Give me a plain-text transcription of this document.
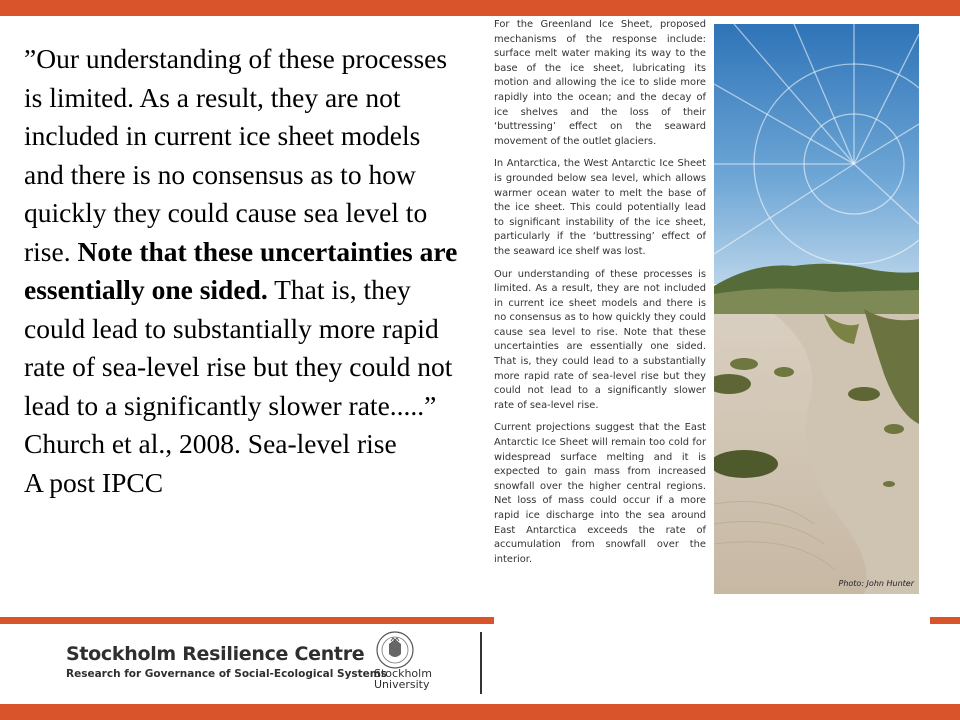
”Our understanding of these processes is limited. As a result, they are not included in current ice sheet models and there is no consensus as to how quickly they could cause sea level to rise. Note that these uncertainties are essentially one sided. That is, they could lead to substantially more rapid rate of sea-level rise but they could not lead to a significantly slower rate.....”

Church et al., 2008. Sea-level rise

A post IPCC

For the Greenland Ice Sheet, proposed mechanisms of the response include: surface melt water making its way to the base of the ice sheet, lubricating its motion and allowing the ice to slide more rapidly into the ocean; and the decay of ice shelves and the loss of their ‘buttressing’ effect on the seaward movement of the outlet glaciers.

In Antarctica, the West Antarctic Ice Sheet is grounded below sea level, which allows warmer ocean water to melt the base of the ice sheet. This could potentially lead to significant instability of the ice sheet, particularly if the ‘buttressing’ effect of the seaward ice shelf was lost.

Our understanding of these processes is limited. As a result, they are not included in current ice sheet models and there is no consensus as to how quickly they could cause sea level to rise. Note that these uncertainties are essentially one sided. That is, they could lead to a substantially more rapid rate of sea-level rise but they could not lead to a significantly slower rate of sea-level rise.

Current projections suggest that the East Antarctic Ice Sheet will remain too cold for widespread surface melting and it is expected to gain mass from increased snowfall over the higher central regions. Net loss of mass could occur if a more rapid ice discharge into the sea around East Antarctica exceeds the rate of accumulation from snowfall over the interior.

Photo: John Hunter
Stockholm Resilience Centre
Research for Governance of Social-Ecological Systems
Stockholm
University
